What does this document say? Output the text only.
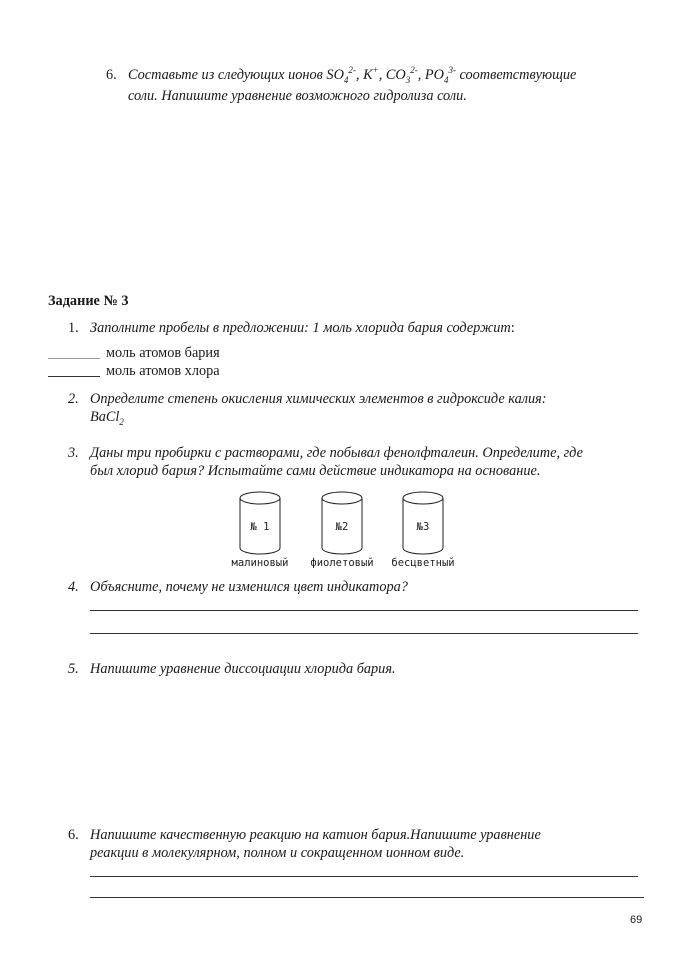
6. Составьте из следующих ионов $SO_4^{2-}$, K+, $CO_3^{2-}$, $PO_4^{3-}$ соответствующие
соли. Напишите уравнение возможного гидролиза соли.
Задание № 3
1. Заполните пробелы в предложении: 1 моль хлорида бария содержит:
моль атомов бария
моль атомов хлора
2. Определите степень окисления химических элементов в гидроксиде калия:
BaCl$_2$
3. Даны три пробирки с растворами, где побывал фенолфталеин. Определите, где
был хлорид бария? Испытайте сами действие индикатора на основание.
№ 1	№2	№3
малиновый фиолетовый бесцветный
4. Объясните, почему не изменился цвет индикатора?
5. Напишите уравнение диссоциации хлорида бария.
6. Напишите качественную реакцию на катион бария.Напишите уравнение
реакции в молекулярном, полном и сокращенном ионном виде.
69
